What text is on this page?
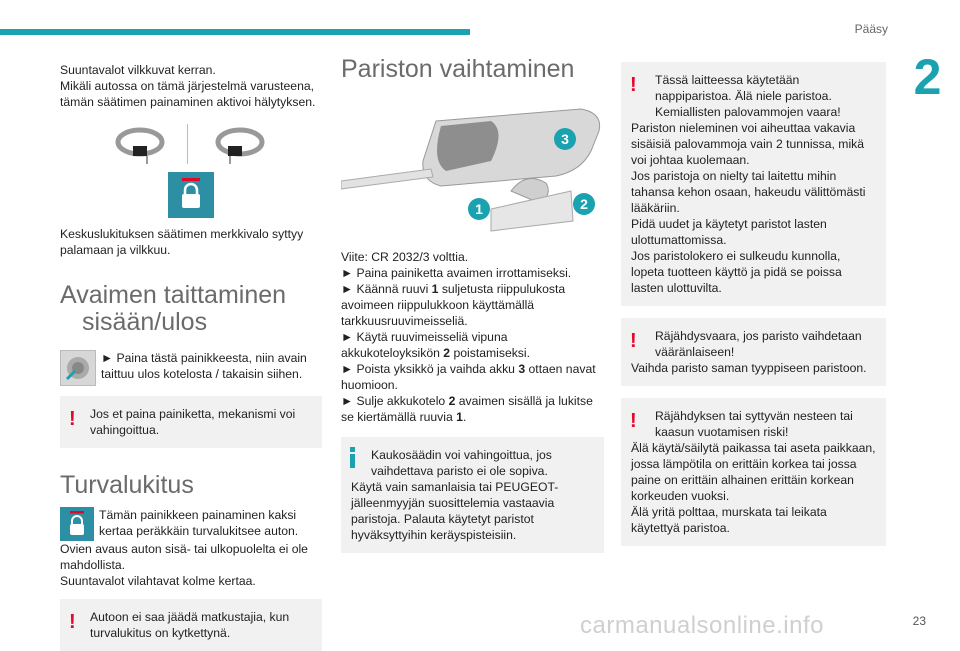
Pääsy
2

Suuntavalot vilkkuvat kerran.

Mikäli autossa on tämä järjestelmä varusteena, tämän säätimen painaminen aktivoi hälytyksen.

Keskuslukituksen säätimen merkkivalo syttyy palamaan ja vilkkuu.

Avaimen taittaminen
sisään/ulos

► Paina tästä painikkeesta, niin avain taittuu ulos kotelosta / takaisin siihen.

! Jos et paina painiketta, mekanismi voi vahingoittua.

Turvalukitus

Tämän painikkeen painaminen kaksi kertaa peräkkäin turvalukitsee auton.

Ovien avaus auton sisä- tai ulkopuolelta ei ole mahdollista.

Suuntavalot vilahtavat kolme kertaa.

! Autoon ei saa jäädä matkustajia, kun turvalukitus on kytkettynä.

Pariston vaihtaminen
3
2
1

Viite: CR 2032/3 volttia.

► Paina painiketta avaimen irrottamiseksi.

► Käännä ruuvi 1 suljetusta riippulukosta avoimeen riippulukkoon käyttämällä tarkkuusruuvimeisseliä.

► Käytä ruuvimeisseliä vipuna akkukoteloyksikön 2 poistamiseksi.

► Poista yksikkö ja vaihda akku 3 ottaen navat huomioon.

► Sulje akkukotelo 2 avaimen sisällä ja lukitse se kiertämällä ruuvia 1.

Kaukosäädin voi vahingoittua, jos vaihdettava paristo ei ole sopiva.

Käytä vain samanlaisia tai PEUGEOT-jälleenmyyjän suosittelemia vastaavia paristoja. Palauta käytetyt paristot hyväksyttyihin keräyspisteisiin.

!	Tässä laitteessa käytetään nappiparistoa. Älä niele paristoa. Kemiallisten palovammojen vaara!

Pariston nieleminen voi aiheuttaa vakavia sisäisiä palovammoja vain 2 tunnissa, mikä voi johtaa kuolemaan.

Jos paristoja on nielty tai laitettu mihin tahansa kehon osaan, hakeudu välittömästi lääkäriin.

Pidä uudet ja käytetyt paristot lasten ulottumattomissa.

Jos paristolokero ei sulkeudu kunnolla, lopeta tuotteen käyttö ja pidä se poissa lasten ulottuvilta.

!	Räjähdysvaara, jos paristo vaihdetaan vääränlaiseen!

Vaihda paristo saman tyyppiseen paristoon.

!	Räjähdyksen tai syttyvän nesteen tai kaasun vuotamisen riski!

Älä käytä/säilytä paikassa tai aseta paikkaan, jossa lämpötila on erittäin korkea tai jossa paine on erittäin alhainen erittäin korkean korkeuden vuoksi.

Älä yritä polttaa, murskata tai leikata käytettyä paristoa.

carmanualsonline.info	23
